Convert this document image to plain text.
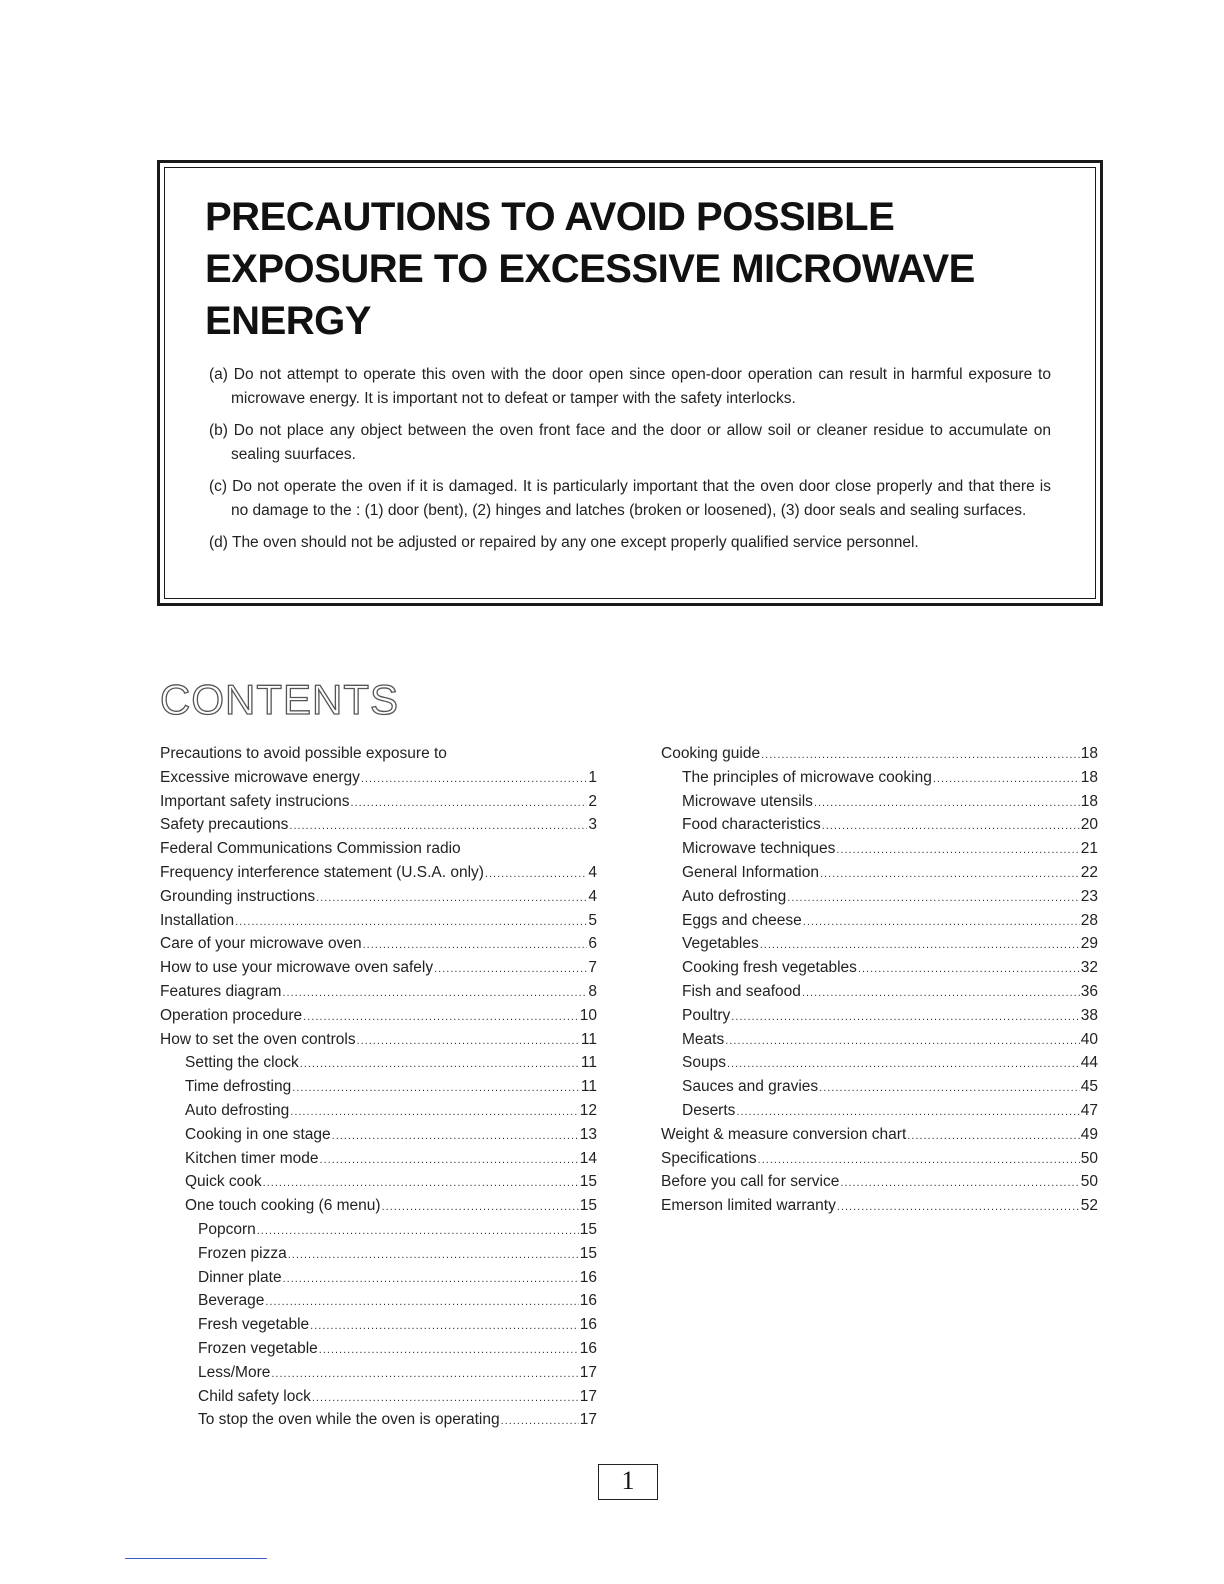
PRECAUTIONS TO AVOID POSSIBLE EXPOSURE TO EXCESSIVE MICROWAVE ENERGY

(a) Do not attempt to operate this oven with the door open since open-door operation can result in harmful exposure to microwave energy. It is important not to defeat or tamper with the safety interlocks.

(b) Do not place any object between the oven front face and the door or allow soil or cleaner residue to accumulate on sealing suurfaces.

(c) Do not operate the oven if it is damaged. It is particularly important that the oven door close properly and that there is no damage to the : (1) door (bent), (2) hinges and latches (broken or loosened), (3) door seals and sealing surfaces.

(d) The oven should not be adjusted or repaired by any one except properly qualified service personnel.

CONTENTS
Precautions to avoid possible exposure to
Excessive microwave energy .....	1
Important safety instrucions .....	2
Safety precautions .....	3
Federal Communications Commission radio
Frequency interference statement (U.S.A. only) .....	4
Grounding instructions .....	4
Installation .....	5
Care of your microwave oven .....	6
How to use your microwave oven safely .....	7
Features diagram .....	8
Operation procedure .....	10
How to set the oven controls .....	11
Setting the clock .....	11
Time defrosting .....	11
Auto defrosting .....	12
Cooking in one stage .....	13
Kitchen timer mode .....	14
Quick cook .....	15
One touch cooking (6 menu) .....	15
Popcorn .....	15
Frozen pizza .....	15
Dinner plate .....	16
Beverage .....	16
Fresh vegetable .....	16
Frozen vegetable .....	16
Less/More .....	17
Child safety lock .....	17
To stop the oven while the oven is operating .....	17
Cooking guide .....	18
The principles of microwave cooking .....	18
Microwave utensils .....	18
Food characteristics .....	20
Microwave techniques .....	21
General Information .....	22
Auto defrosting .....	23
Eggs and cheese .....	28
Vegetables .....	29
Cooking fresh vegetables .....	32
Fish and seafood .....	36
Poultry .....	38
Meats .....	40
Soups .....	44
Sauces and gravies .....	45
Deserts .....	47
Weight & measure conversion chart .....	49
Specifications .....	50
Before you call for service .....	50
Emerson limited warranty .....	52
1
